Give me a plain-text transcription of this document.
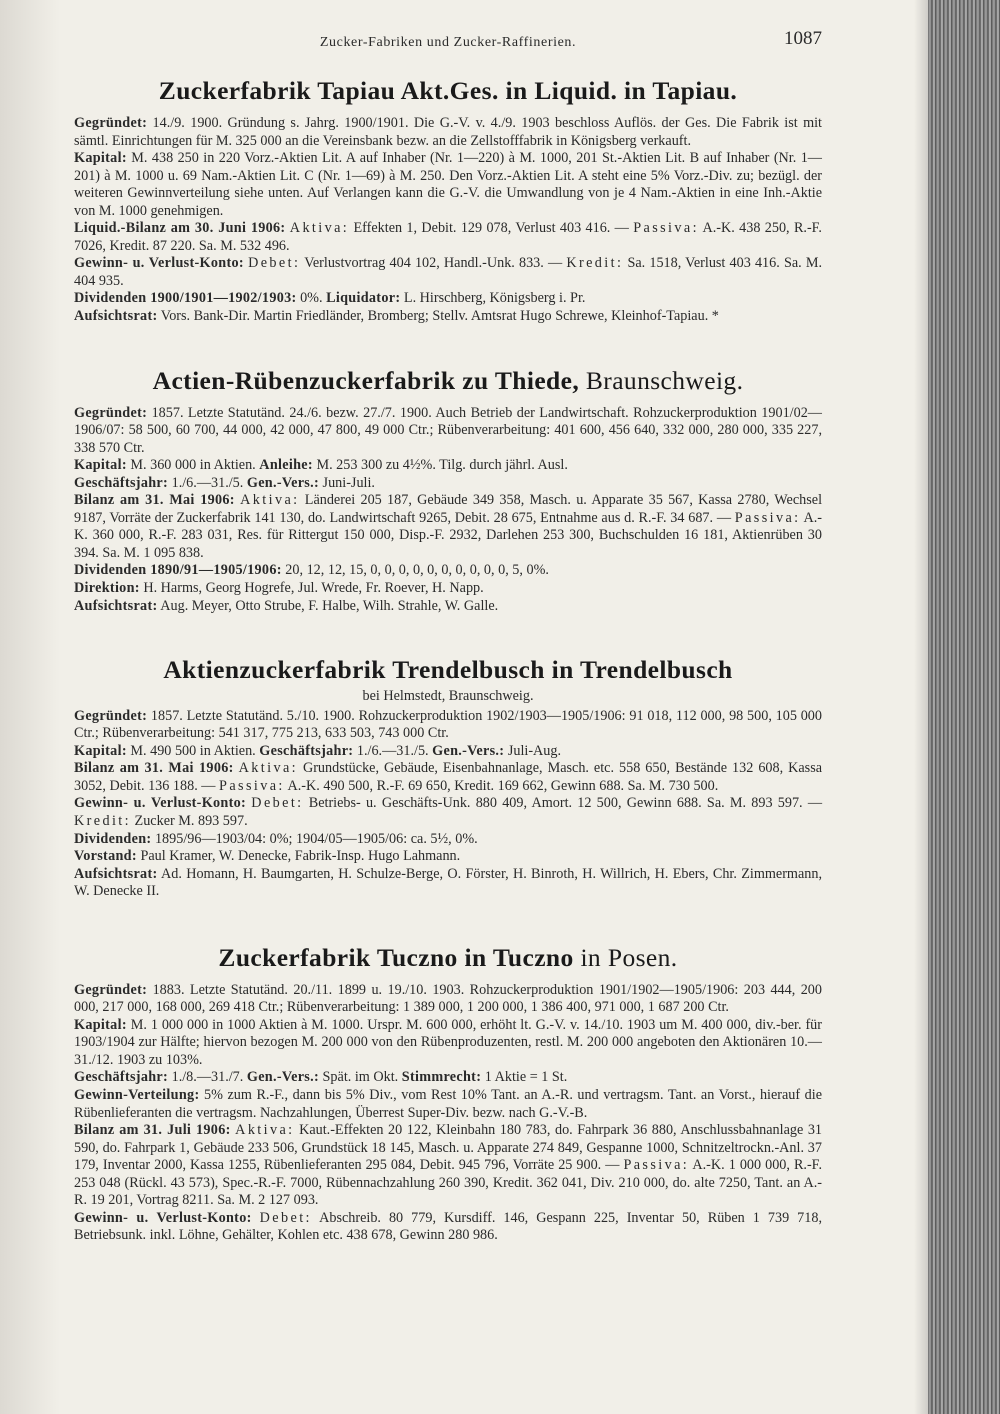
Zucker-Fabriken und Zucker-Raffinerien.	1087
Zuckerfabrik Tapiau Akt.Ges. in Liquid. in Tapiau.

Gegründet: 14./9. 1900. Gründung s. Jahrg. 1900/1901. Die G.-V. v. 4./9. 1903 beschloss Auflös. der Ges. Die Fabrik ist mit sämtl. Einrichtungen für M. 325 000 an die Vereinsbank bezw. an die Zellstofffabrik in Königsberg verkauft.

Kapital: M. 438 250 in 220 Vorz.-Aktien Lit. A auf Inhaber (Nr. 1—220) à M. 1000, 201 St.-Aktien Lit. B auf Inhaber (Nr. 1—201) à M. 1000 u. 69 Nam.-Aktien Lit. C (Nr. 1—69) à M. 250. Den Vorz.-Aktien Lit. A steht eine 5% Vorz.-Div. zu; bezügl. der weiteren Gewinnverteilung siehe unten. Auf Verlangen kann die G.-V. die Umwandlung von je 4 Nam.-Aktien in eine Inh.-Aktie von M. 1000 genehmigen.

Liquid.-Bilanz am 30. Juni 1906: Aktiva: Effekten 1, Debit. 129 078, Verlust 403 416. — Passiva: A.-K. 438 250, R.-F. 7026, Kredit. 87 220. Sa. M. 532 496.

Gewinn- u. Verlust-Konto: Debet: Verlustvortrag 404 102, Handl.-Unk. 833. — Kredit: Sa. 1518, Verlust 403 416. Sa. M. 404 935.

Dividenden 1900/1901—1902/1903: 0%. Liquidator: L. Hirschberg, Königsberg i. Pr.

Aufsichtsrat: Vors. Bank-Dir. Martin Friedländer, Bromberg; Stellv. Amtsrat Hugo Schrewe, Kleinhof-Tapiau. *

Actien-Rübenzuckerfabrik zu Thiede, Braunschweig.

Gegründet: 1857. Letzte Statutänd. 24./6. bezw. 27./7. 1900. Auch Betrieb der Landwirtschaft. Rohzuckerproduktion 1901/02—1906/07: 58 500, 60 700, 44 000, 42 000, 47 800, 49 000 Ctr.; Rübenverarbeitung: 401 600, 456 640, 332 000, 280 000, 335 227, 338 570 Ctr.

Kapital: M. 360 000 in Aktien. Anleihe: M. 253 300 zu 4½%. Tilg. durch jährl. Ausl.

Geschäftsjahr: 1./6.—31./5. Gen.-Vers.: Juni-Juli.

Bilanz am 31. Mai 1906: Aktiva: Länderei 205 187, Gebäude 349 358, Masch. u. Apparate 35 567, Kassa 2780, Wechsel 9187, Vorräte der Zuckerfabrik 141 130, do. Landwirtschaft 9265, Debit. 28 675, Entnahme aus d. R.-F. 34 687. — Passiva: A.-K. 360 000, R.-F. 283 031, Res. für Rittergut 150 000, Disp.-F. 2932, Darlehen 253 300, Buchschulden 16 181, Aktienrüben 30 394. Sa. M. 1 095 838.

Dividenden 1890/91—1905/1906: 20, 12, 12, 15, 0, 0, 0, 0, 0, 0, 0, 0, 0, 0, 5, 0%.

Direktion: H. Harms, Georg Hogrefe, Jul. Wrede, Fr. Roever, H. Napp.

Aufsichtsrat: Aug. Meyer, Otto Strube, F. Halbe, Wilh. Strahle, W. Galle.

Aktienzuckerfabrik Trendelbusch in Trendelbusch
bei Helmstedt, Braunschweig.

Gegründet: 1857. Letzte Statutänd. 5./10. 1900. Rohzuckerproduktion 1902/1903—1905/1906: 91 018, 112 000, 98 500, 105 000 Ctr.; Rübenverarbeitung: 541 317, 775 213, 633 503, 743 000 Ctr.

Kapital: M. 490 500 in Aktien. Geschäftsjahr: 1./6.—31./5. Gen.-Vers.: Juli-Aug.

Bilanz am 31. Mai 1906: Aktiva: Grundstücke, Gebäude, Eisenbahnanlage, Masch. etc. 558 650, Bestände 132 608, Kassa 3052, Debit. 136 188. — Passiva: A.-K. 490 500, R.-F. 69 650, Kredit. 169 662, Gewinn 688. Sa. M. 730 500.

Gewinn- u. Verlust-Konto: Debet: Betriebs- u. Geschäfts-Unk. 880 409, Amort. 12 500, Gewinn 688. Sa. M. 893 597. — Kredit: Zucker M. 893 597.

Dividenden: 1895/96—1903/04: 0%; 1904/05—1905/06: ca. 5½, 0%.

Vorstand: Paul Kramer, W. Denecke, Fabrik-Insp. Hugo Lahmann.

Aufsichtsrat: Ad. Homann, H. Baumgarten, H. Schulze-Berge, O. Förster, H. Binroth, H. Willrich, H. Ebers, Chr. Zimmermann, W. Denecke II.

Zuckerfabrik Tuczno in Tuczno in Posen.

Gegründet: 1883. Letzte Statutänd. 20./11. 1899 u. 19./10. 1903. Rohzuckerproduktion 1901/1902—1905/1906: 203 444, 200 000, 217 000, 168 000, 269 418 Ctr.; Rübenverarbeitung: 1 389 000, 1 200 000, 1 386 400, 971 000, 1 687 200 Ctr.

Kapital: M. 1 000 000 in 1000 Aktien à M. 1000. Urspr. M. 600 000, erhöht lt. G.-V. v. 14./10. 1903 um M. 400 000, div.-ber. für 1903/1904 zur Hälfte; hiervon bezogen M. 200 000 von den Rübenproduzenten, restl. M. 200 000 angeboten den Aktionären 10.—31./12. 1903 zu 103%.

Geschäftsjahr: 1./8.—31./7. Gen.-Vers.: Spät. im Okt. Stimmrecht: 1 Aktie = 1 St.

Gewinn-Verteilung: 5% zum R.-F., dann bis 5% Div., vom Rest 10% Tant. an A.-R. und vertragsm. Tant. an Vorst., hierauf die Rübenlieferanten die vertragsm. Nachzahlungen, Überrest Super-Div. bezw. nach G.-V.-B.

Bilanz am 31. Juli 1906: Aktiva: Kaut.-Effekten 20 122, Kleinbahn 180 783, do. Fahrpark 36 880, Anschlussbahnanlage 31 590, do. Fahrpark 1, Gebäude 233 506, Grundstück 18 145, Masch. u. Apparate 274 849, Gespanne 1000, Schnitzeltrockn.-Anl. 37 179, Inventar 2000, Kassa 1255, Rübenlieferanten 295 084, Debit. 945 796, Vorräte 25 900. — Passiva: A.-K. 1 000 000, R.-F. 253 048 (Rückl. 43 573), Spec.-R.-F. 7000, Rübennachzahlung 260 390, Kredit. 362 041, Div. 210 000, do. alte 7250, Tant. an A.-R. 19 201, Vortrag 8211. Sa. M. 2 127 093.

Gewinn- u. Verlust-Konto: Debet: Abschreib. 80 779, Kursdiff. 146, Gespann 225, Inventar 50, Rüben 1 739 718, Betriebsunk. inkl. Löhne, Gehälter, Kohlen etc. 438 678, Gewinn 280 986.
